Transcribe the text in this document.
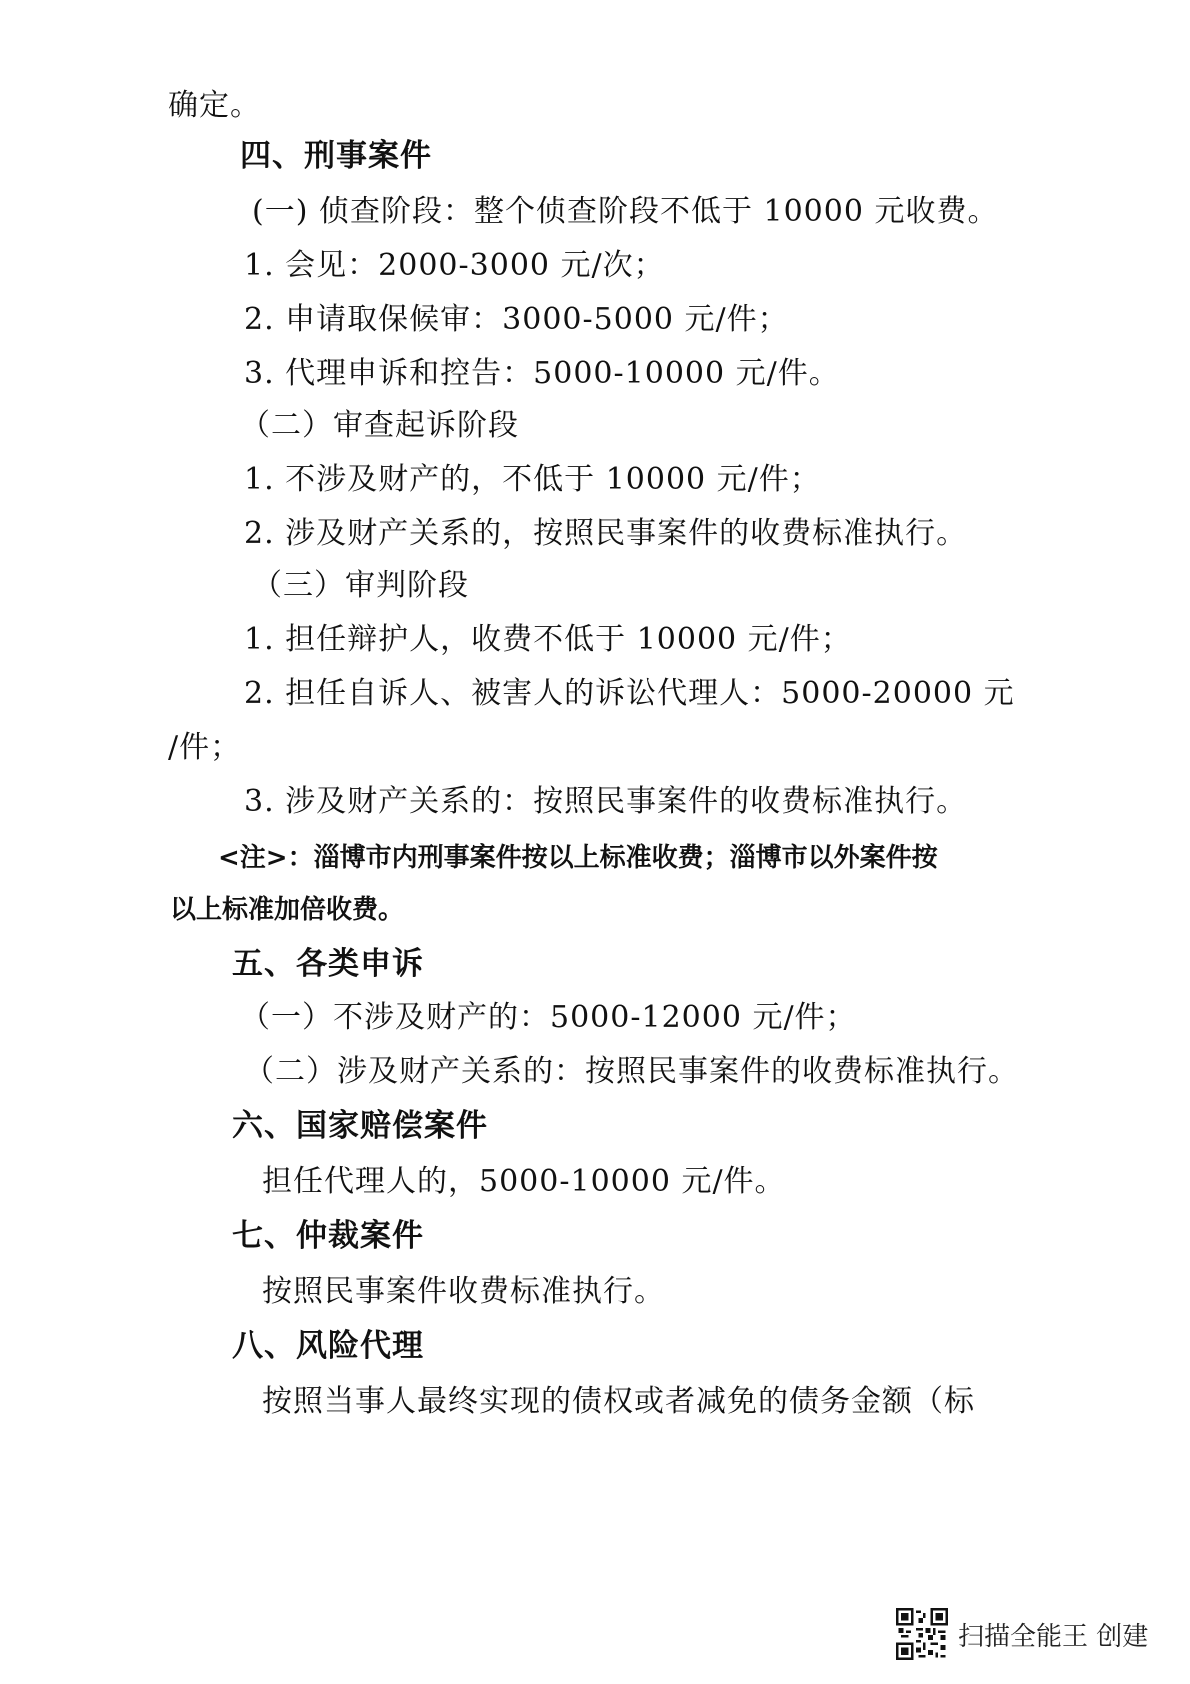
确定。
四、刑事案件
(一) 侦查阶段：整个侦查阶段不低于 10000 元收费。
1. 会见：2000-3000 元/次；
2. 申请取保候审：3000-5000 元/件；
3. 代理申诉和控告：5000-10000 元/件。
（二）审查起诉阶段
1. 不涉及财产的，不低于 10000 元/件；
2. 涉及财产关系的，按照民事案件的收费标准执行。
（三）审判阶段
1. 担任辩护人，收费不低于 10000 元/件；
2. 担任自诉人、被害人的诉讼代理人：5000-20000 元
/件；
3. 涉及财产关系的：按照民事案件的收费标准执行。
<注>：淄博市内刑事案件按以上标准收费；淄博市以外案件按
以上标准加倍收费。
五、各类申诉
（一）不涉及财产的：5000-12000 元/件；
（二）涉及财产关系的：按照民事案件的收费标准执行。
六、国家赔偿案件
担任代理人的，5000-10000 元/件。
七、仲裁案件
按照民事案件收费标准执行。
八、风险代理
按照当事人最终实现的债权或者减免的债务金额（标
扫描全能王 创建
